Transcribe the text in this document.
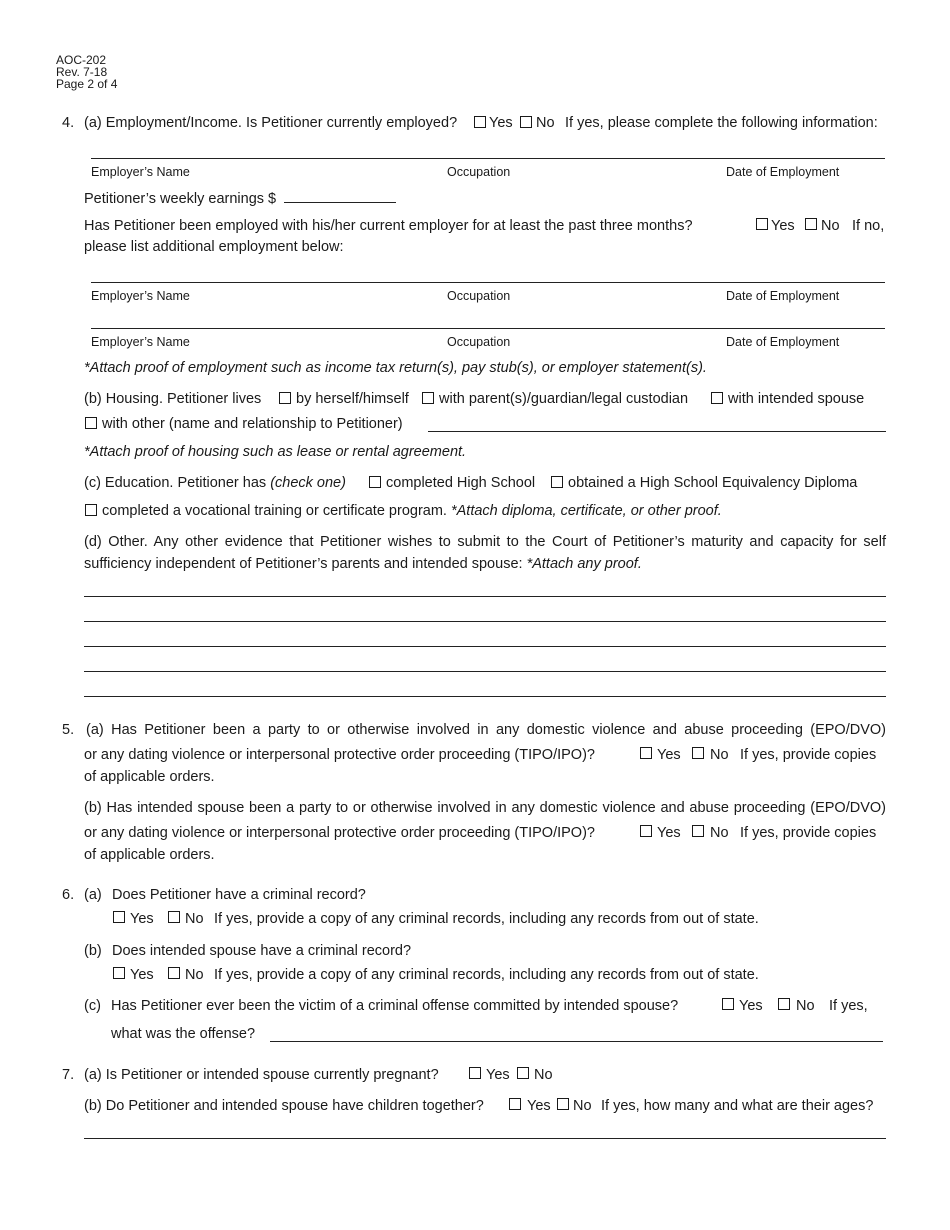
AOC-202
Rev. 7-18
Page 2 of 4
4. (a) Employment/Income. Is Petitioner currently employed? Yes No If yes, please complete the following information:
Employer’s Name	Occupation	Date of Employment
Petitioner’s weekly earnings $
Has Petitioner been employed with his/her current employer for at least the past three months?	Yes No If no,
please list additional employment below:
Employer’s Name	Occupation	Date of Employment
Employer’s Name	Occupation	Date of Employment
*Attach proof of employment such as income tax return(s), pay stub(s), or employer statement(s).
(b) Housing. Petitioner lives by herself/himself with parent(s)/guardian/legal custodian	with intended spouse
with other (name and relationship to Petitioner)
*Attach proof of housing such as lease or rental agreement.
(c) Education. Petitioner has (check one)	completed High School obtained a High School Equivalency Diploma
completed a vocational training or certificate program. *Attach diploma, certificate, or other proof.
(d) Other. Any other evidence that Petitioner wishes to submit to the Court of Petitioner’s maturity and capacity for self
sufficiency independent of Petitioner’s parents and intended spouse: *Attach any proof.
5. (a) Has Petitioner been a party to or otherwise involved in any domestic violence and abuse proceeding (EPO/DVO)
or any dating violence or interpersonal protective order proceeding (TIPO/IPO)?	Yes No If yes, provide copies
of applicable orders.
(b) Has intended spouse been a party to or otherwise involved in any domestic violence and abuse proceeding (EPO/DVO)
or any dating violence or interpersonal protective order proceeding (TIPO/IPO)?	Yes No If yes, provide copies
of applicable orders.
6. (a) Does Petitioner have a criminal record?
Yes No If yes, provide a copy of any criminal records, including any records from out of state.
(b) Does intended spouse have a criminal record?
Yes No If yes, provide a copy of any criminal records, including any records from out of state.
(c) Has Petitioner ever been the victim of a criminal offense committed by intended spouse?	Yes No If yes,
what was the offense?
7. (a) Is Petitioner or intended spouse currently pregnant?	Yes No
(b) Do Petitioner and intended spouse have children together?	Yes No If yes, how many and what are their ages?
